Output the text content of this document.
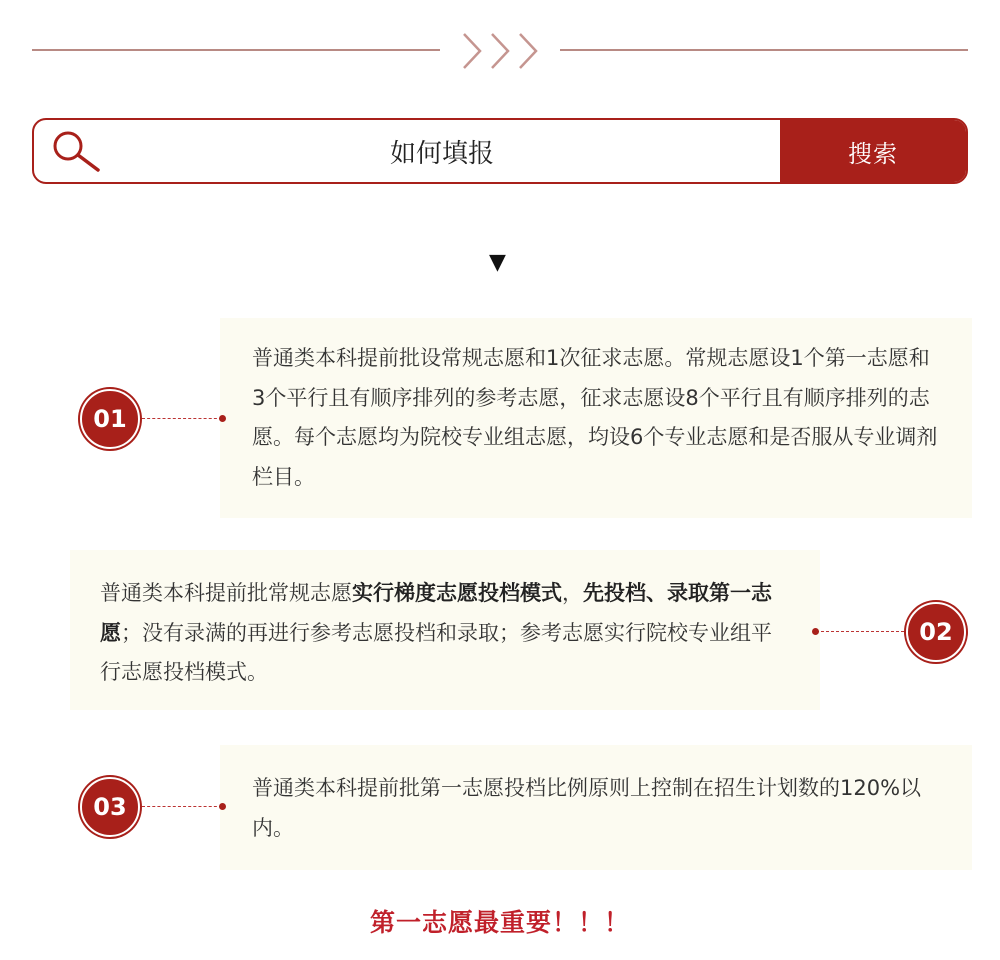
如何填报	搜索
▼
普通类本科提前批设常规志愿和1次征求志愿。常规志愿设1个第一志愿和3个平行且有顺序排列的参考志愿，征求志愿设8个平行且有顺序排列的志愿。每个志愿均为院校专业组志愿，均设6个专业志愿和是否服从专业调剂栏目。
01
普通类本科提前批常规志愿实行梯度志愿投档模式，先投档、录取第一志愿；没有录满的再进行参考志愿投档和录取；参考志愿实行院校专业组平行志愿投档模式。
02
普通类本科提前批第一志愿投档比例原则上控制在招生计划数的120%以内。
03
第一志愿最重要！！！
